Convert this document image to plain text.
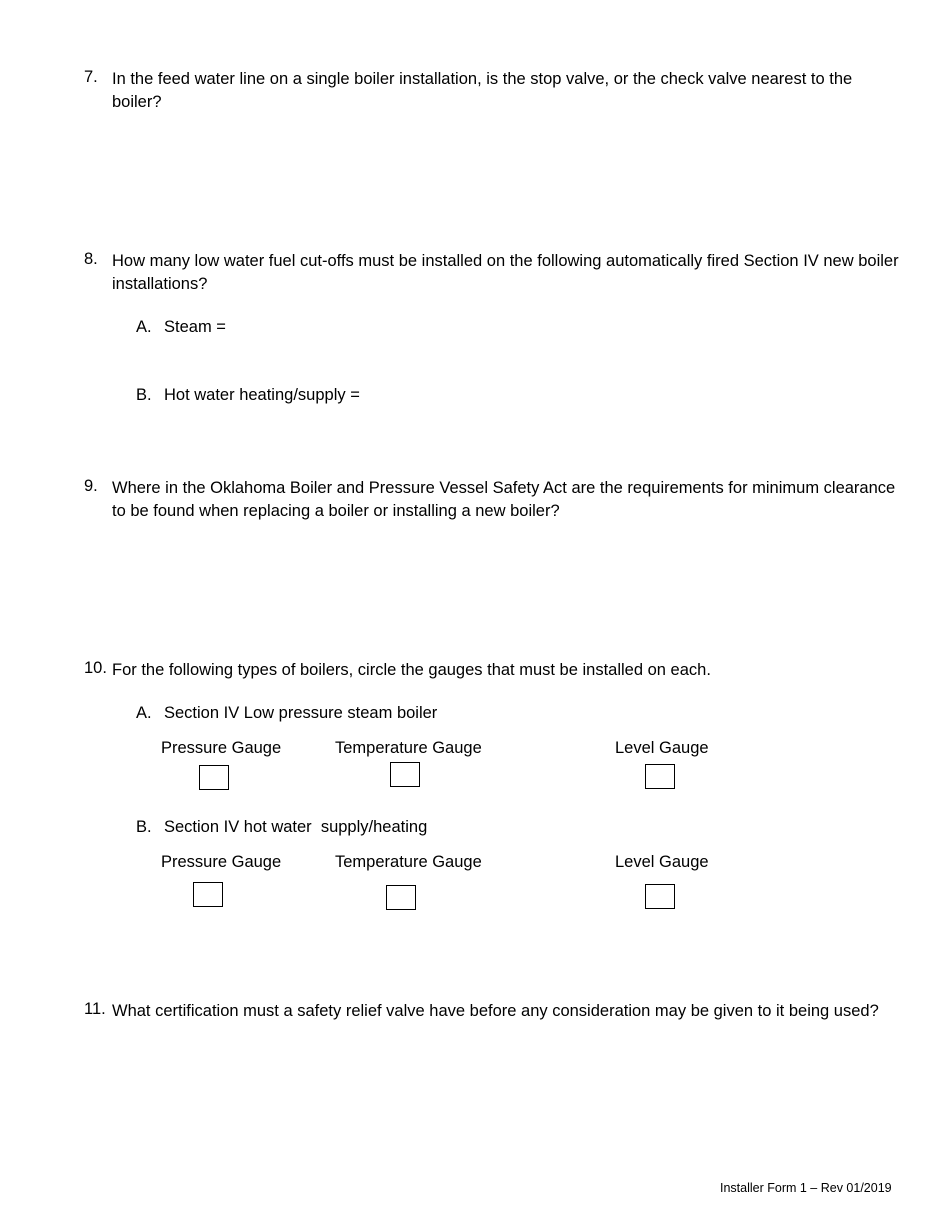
7. In the feed water line on a single boiler installation, is the stop valve, or the check valve nearest to the boiler?
8. How many low water fuel cut-offs must be installed on the following automatically fired Section IV new boiler installations?
A. Steam =
B. Hot water heating/supply =
9. Where in the Oklahoma Boiler and Pressure Vessel Safety Act are the requirements for minimum clearance to be found when replacing a boiler or installing a new boiler?
10. For the following types of boilers, circle the gauges that must be installed on each.
A. Section IV Low pressure steam boiler
Pressure Gauge	Temperature Gauge	Level Gauge
B. Section IV hot water  supply/heating
Pressure Gauge	Temperature Gauge	Level Gauge
11. What certification must a safety relief valve have before any consideration may be given to it being used?
Installer Form 1 – Rev 01/2019
